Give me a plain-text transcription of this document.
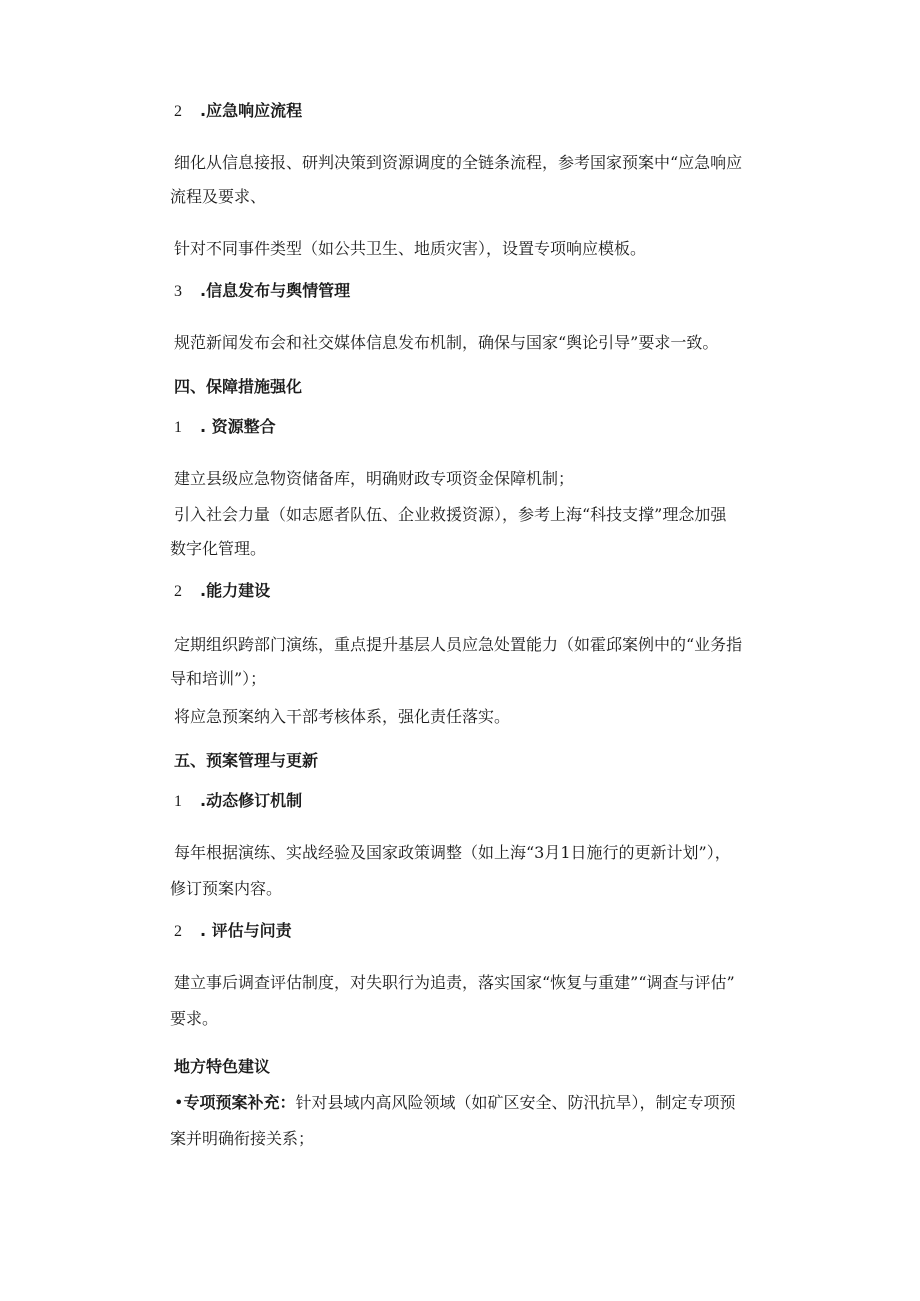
2 .应急响应流程
细化从信息接报、研判决策到资源调度的全链条流程，参考国家预案中“应急响应
流程及要求、
针对不同事件类型（如公共卫生、地质灾害），设置专项响应模板。
3 .信息发布与舆情管理
规范新闻发布会和社交媒体信息发布机制，确保与国家“舆论引导”要求一致。
四、保障措施强化
1 . 资源整合
建立县级应急物资储备库，明确财政专项资金保障机制；
引入社会力量（如志愿者队伍、企业救援资源），参考上海“科技支撑”理念加强
数字化管理。
2 .能力建设
定期组织跨部门演练，重点提升基层人员应急处置能力（如霍邱案例中的“业务指
导和培训”）；
将应急预案纳入干部考核体系，强化责任落实。
五、预案管理与更新
1 .动态修订机制
每年根据演练、实战经验及国家政策调整（如上海“3月1日施行的更新计划”），
修订预案内容。
2 . 评估与问责
建立事后调查评估制度，对失职行为追责，落实国家“恢复与重建”“调查与评估”
要求。
地方特色建议
•专项预案补充：针对县域内高风险领域（如矿区安全、防汛抗旱），制定专项预
案并明确衔接关系；
